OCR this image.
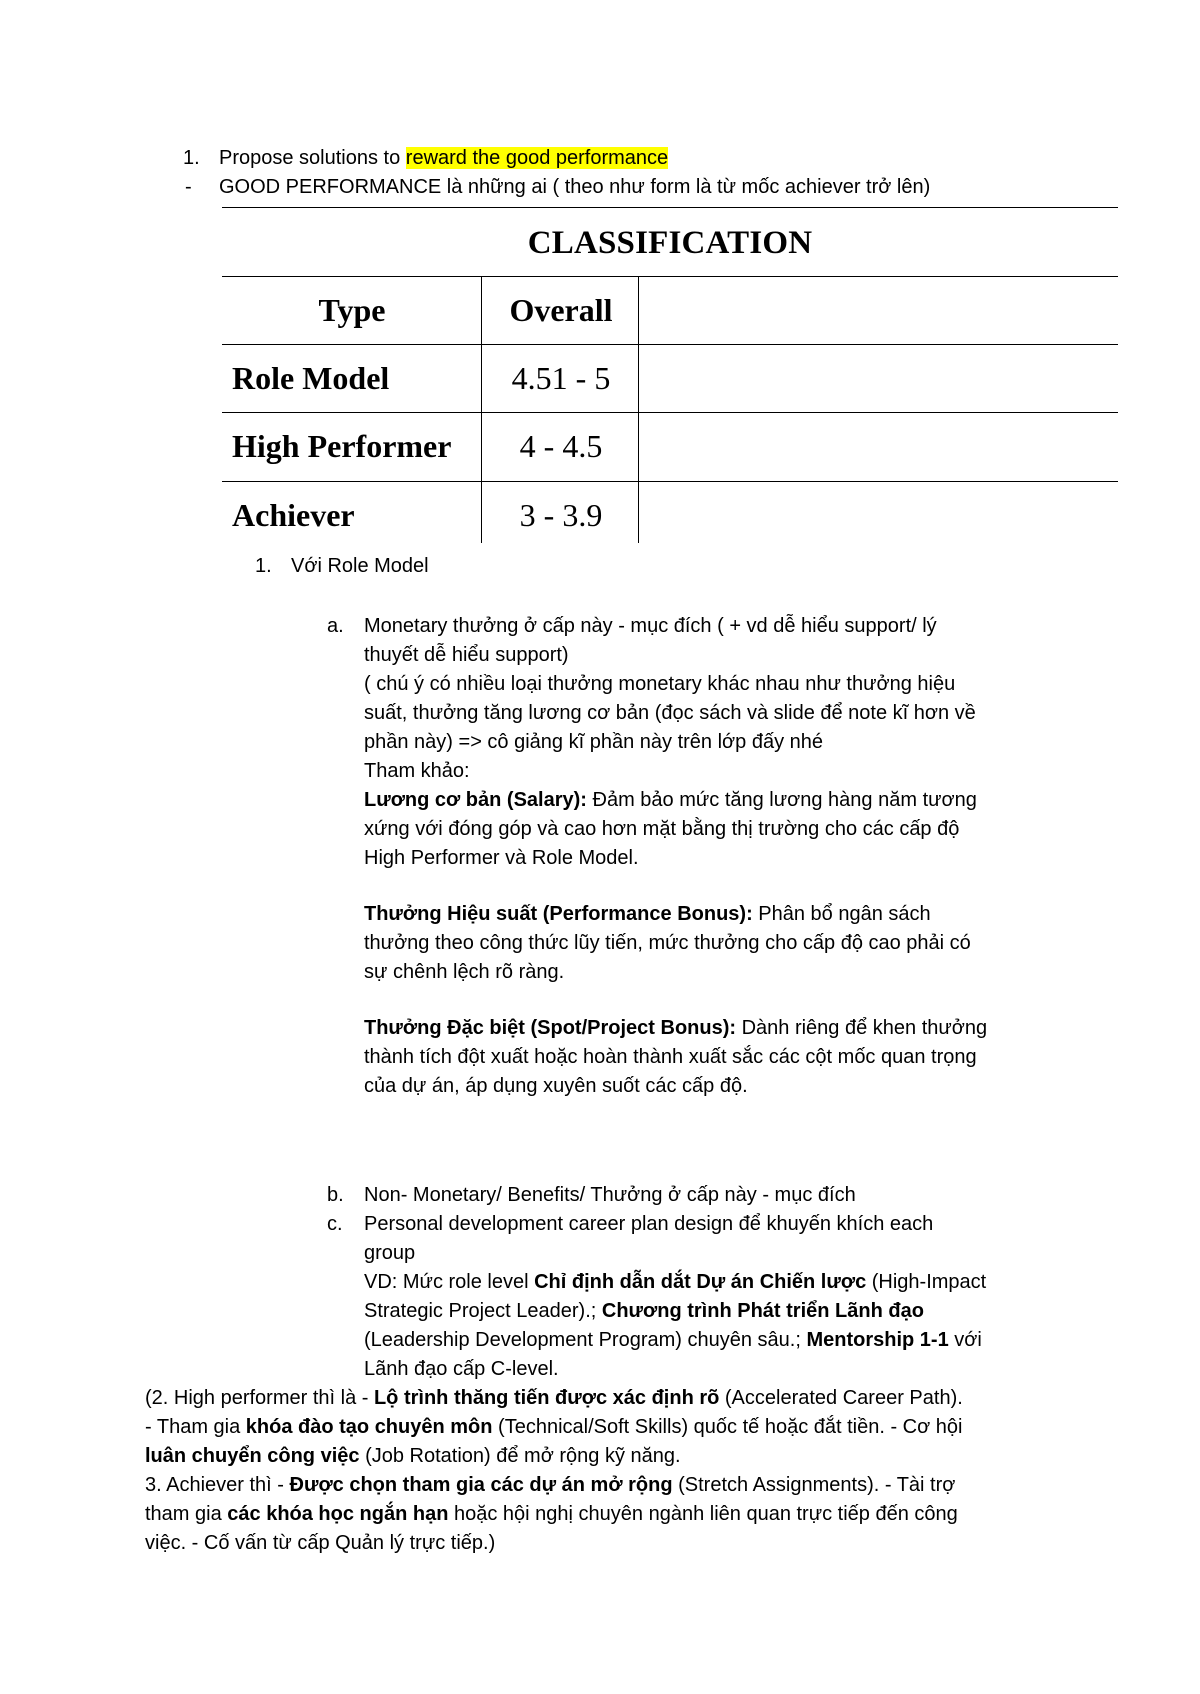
1. Propose solutions to reward the good performance
- GOOD PERFORMANCE là những ai ( theo như form là từ mốc achiever trở lên)
CLASSIFICATION
Type	Overall
Role Model	4.51 - 5
High Performer	4 - 4.5
Achiever	3 - 3.9
1. Với Role Model
a. Monetary thưởng ở cấp này - mục đích ( + vd dễ hiểu support/ lý
thuyết dễ hiểu support)
( chú ý có nhiều loại thưởng monetary khác nhau như thưởng hiệu
suất, thưởng tăng lương cơ bản (đọc sách và slide để note kĩ hơn về
phần này) => cô giảng kĩ phần này trên lớp đấy nhé
Tham khảo:
Lương cơ bản (Salary): Đảm bảo mức tăng lương hàng năm tương
xứng với đóng góp và cao hơn mặt bằng thị trường cho các cấp độ
High Performer và Role Model.
Thưởng Hiệu suất (Performance Bonus): Phân bổ ngân sách
thưởng theo công thức lũy tiến, mức thưởng cho cấp độ cao phải có
sự chênh lệch rõ ràng.
Thưởng Đặc biệt (Spot/Project Bonus): Dành riêng để khen thưởng
thành tích đột xuất hoặc hoàn thành xuất sắc các cột mốc quan trọng
của dự án, áp dụng xuyên suốt các cấp độ.
b. Non- Monetary/ Benefits/ Thưởng ở cấp này - mục đích
c. Personal development career plan design để khuyến khích each
group
VD: Mức role level Chỉ định dẫn dắt Dự án Chiến lược (High-Impact
Strategic Project Leader).; Chương trình Phát triển Lãnh đạo
(Leadership Development Program) chuyên sâu.; Mentorship 1-1 với
Lãnh đạo cấp C-level.
(2. High performer thì là - Lộ trình thăng tiến được xác định rõ (Accelerated Career Path).
- Tham gia khóa đào tạo chuyên môn (Technical/Soft Skills) quốc tế hoặc đắt tiền. - Cơ hội
luân chuyển công việc (Job Rotation) để mở rộng kỹ năng.
3. Achiever thì - Được chọn tham gia các dự án mở rộng (Stretch Assignments). - Tài trợ
tham gia các khóa học ngắn hạn hoặc hội nghị chuyên ngành liên quan trực tiếp đến công
việc. - Cố vấn từ cấp Quản lý trực tiếp.)
